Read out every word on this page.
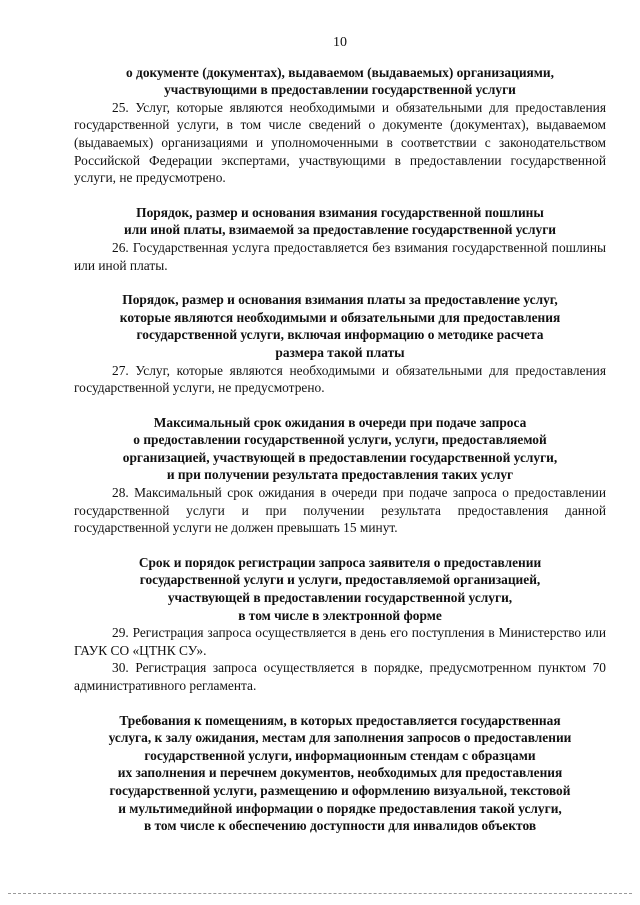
10
о документе (документах), выдаваемом (выдаваемых) организациями,
участвующими в предоставлении государственной услуги

25. Услуг, которые являются необходимыми и обязательными для предоставления государственной услуги, в том числе сведений о документе (документах), выдаваемом (выдаваемых) организациями и уполномоченными в соответствии с законодательством Российской Федерации экспертами, участвующими в предоставлении государственной услуги, не предусмотрено.

Порядок, размер и основания взимания государственной пошлины
или иной платы, взимаемой за предоставление государственной услуги

26. Государственная услуга предоставляется без взимания государственной пошлины или иной платы.

Порядок, размер и основания взимания платы за предоставление услуг,
которые являются необходимыми и обязательными для предоставления
государственной услуги, включая информацию о методике расчета
размера такой платы

27. Услуг, которые являются необходимыми и обязательными для предоставления государственной услуги, не предусмотрено.

Максимальный срок ожидания в очереди при подаче запроса
о предоставлении государственной услуги, услуги, предоставляемой
организацией, участвующей в предоставлении государственной услуги,
и при получении результата предоставления таких услуг

28. Максимальный срок ожидания в очереди при подаче запроса о предоставлении государственной услуги и при получении результата предоставления данной государственной услуги не должен превышать 15 минут.

Срок и порядок регистрации запроса заявителя о предоставлении
государственной услуги и услуги, предоставляемой организацией,
участвующей в предоставлении государственной услуги,
в том числе в электронной форме

29. Регистрация запроса осуществляется в день его поступления в Министерство или ГАУК СО «ЦТНК СУ».

30. Регистрация запроса осуществляется в порядке, предусмотренном пунктом 70 административного регламента.

Требования к помещениям, в которых предоставляется государственная
услуга, к залу ожидания, местам для заполнения запросов о предоставлении
государственной услуги, информационным стендам с образцами
их заполнения и перечнем документов, необходимых для предоставления
государственной услуги, размещению и оформлению визуальной, текстовой
и мультимедийной информации о порядке предоставления такой услуги,
в том числе к обеспечению доступности для инвалидов объектов
